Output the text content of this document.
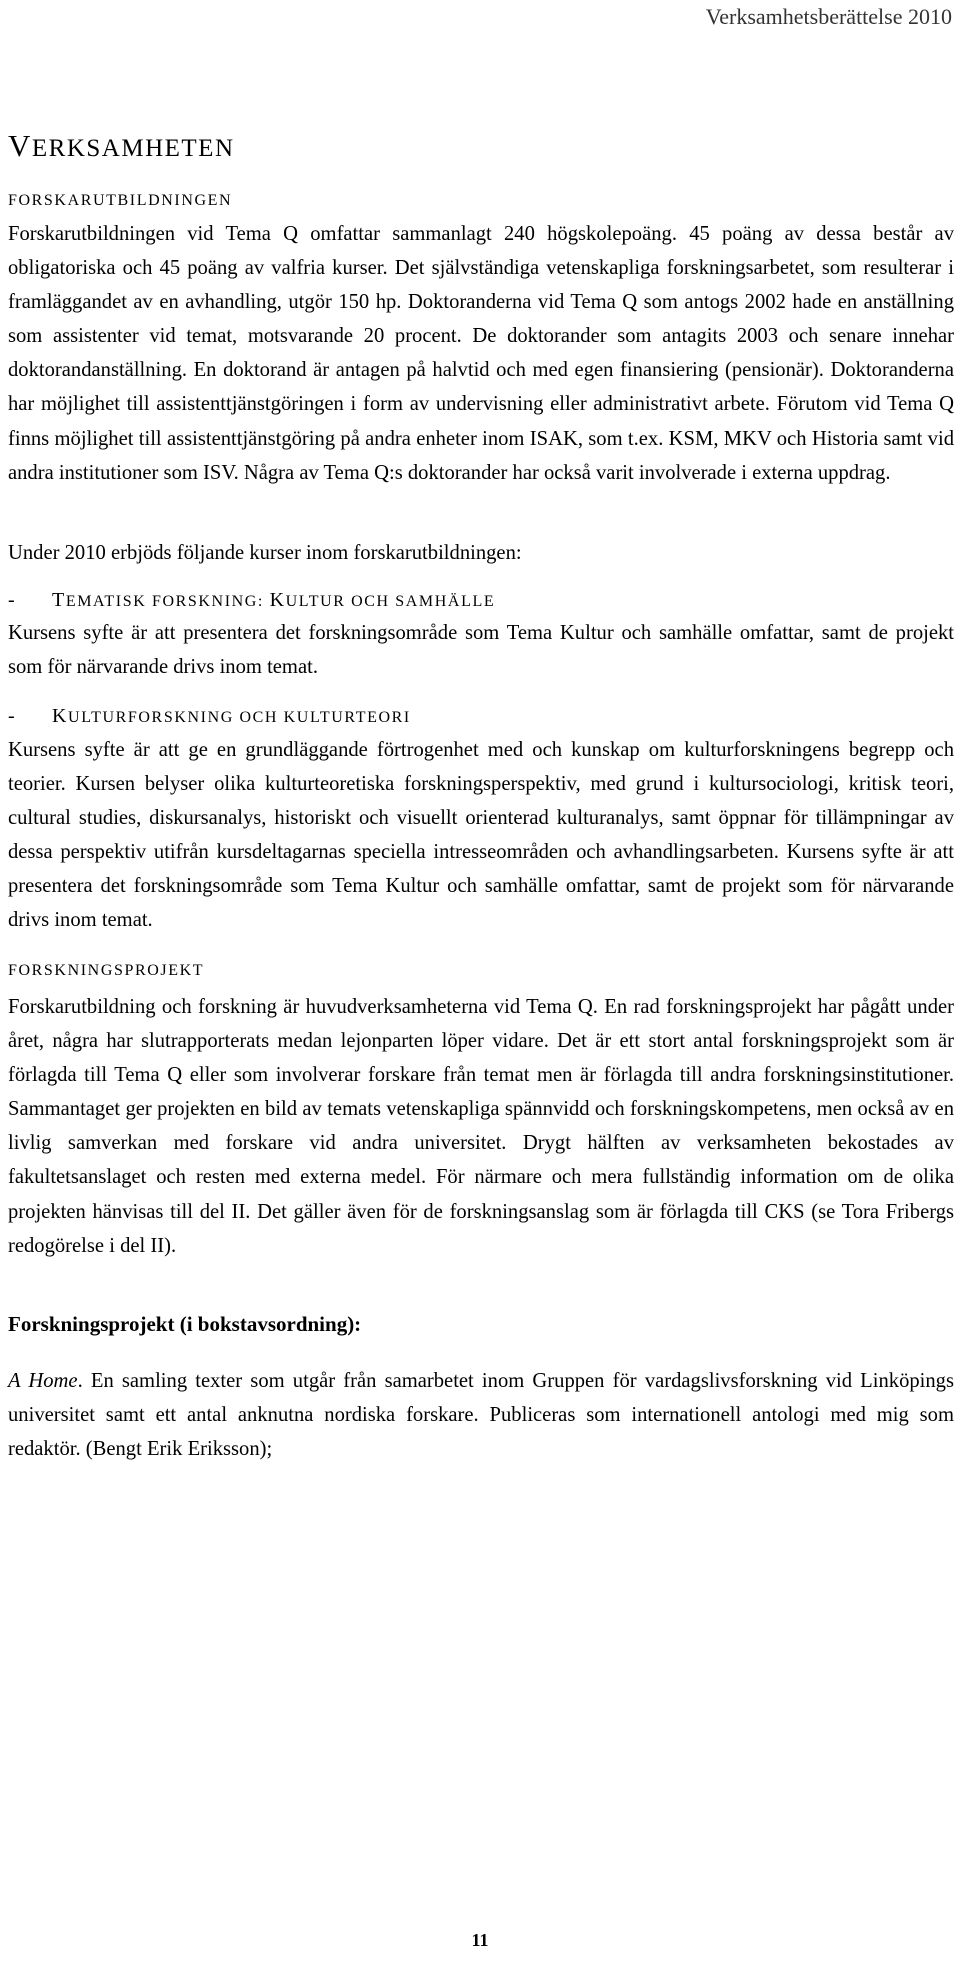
Verksamhetsberättelse 2010

VERKSAMHETEN

FORSKARUTBILDNINGEN

Forskarutbildningen vid Tema Q omfattar sammanlagt 240 högskolepoäng. 45 poäng av dessa består av obligatoriska och 45 poäng av valfria kurser. Det självständiga vetenskapliga forskningsarbetet, som resulterar i framläggandet av en avhandling, utgör 150 hp. Doktoranderna vid Tema Q som antogs 2002 hade en anställning som assistenter vid temat, motsvarande 20 procent. De doktorander som antagits 2003 och senare innehar doktorandanställning. En doktorand är antagen på halvtid och med egen finansiering (pensionär). Doktoranderna har möjlighet till assistenttjänstgöringen i form av undervisning eller administrativt arbete. Förutom vid Tema Q finns möjlighet till assistenttjänstgöring på andra enheter inom ISAK, som t.ex. KSM, MKV och Historia samt vid andra institutioner som ISV. Några av Tema Q:s doktorander har också varit involverade i externa uppdrag.

Under 2010 erbjöds följande kurser inom forskarutbildningen:

- TEMATISK FORSKNING: KULTUR OCH SAMHÄLLE

Kursens syfte är att presentera det forskningsområde som Tema Kultur och samhälle omfattar, samt de projekt som för närvarande drivs inom temat.

- KULTURFORSKNING OCH KULTURTEORI

Kursens syfte är att ge en grundläggande förtrogenhet med och kunskap om kulturforskningens begrepp och teorier. Kursen belyser olika kulturteoretiska forskningsperspektiv, med grund i kultursociologi, kritisk teori, cultural studies, diskursanalys, historiskt och visuellt orienterad kulturanalys, samt öppnar för tillämpningar av dessa perspektiv utifrån kursdeltagarnas speciella intresseområden och avhandlingsarbeten. Kursens syfte är att presentera det forskningsområde som Tema Kultur och samhälle omfattar, samt de projekt som för närvarande drivs inom temat.

FORSKNINGSPROJEKT

Forskarutbildning och forskning är huvudverksamheterna vid Tema Q. En rad forskningsprojekt har pågått under året, några har slutrapporterats medan lejonparten löper vidare. Det är ett stort antal forskningsprojekt som är förlagda till Tema Q eller som involverar forskare från temat men är förlagda till andra forskningsinstitutioner. Sammantaget ger projekten en bild av temats vetenskapliga spännvidd och forskningskompetens, men också av en livlig samverkan med forskare vid andra universitet. Drygt hälften av verksamheten bekostades av fakultetsanslaget och resten med externa medel. För närmare och mera fullständig information om de olika projekten hänvisas till del II. Det gäller även för de forskningsanslag som är förlagda till CKS (se Tora Fribergs redogörelse i del II).

Forskningsprojekt (i bokstavsordning):

A Home. En samling texter som utgår från samarbetet inom Gruppen för vardagslivsforskning vid Linköpings universitet samt ett antal anknutna nordiska forskare. Publiceras som internationell antologi med mig som redaktör. (Bengt Erik Eriksson);

11
